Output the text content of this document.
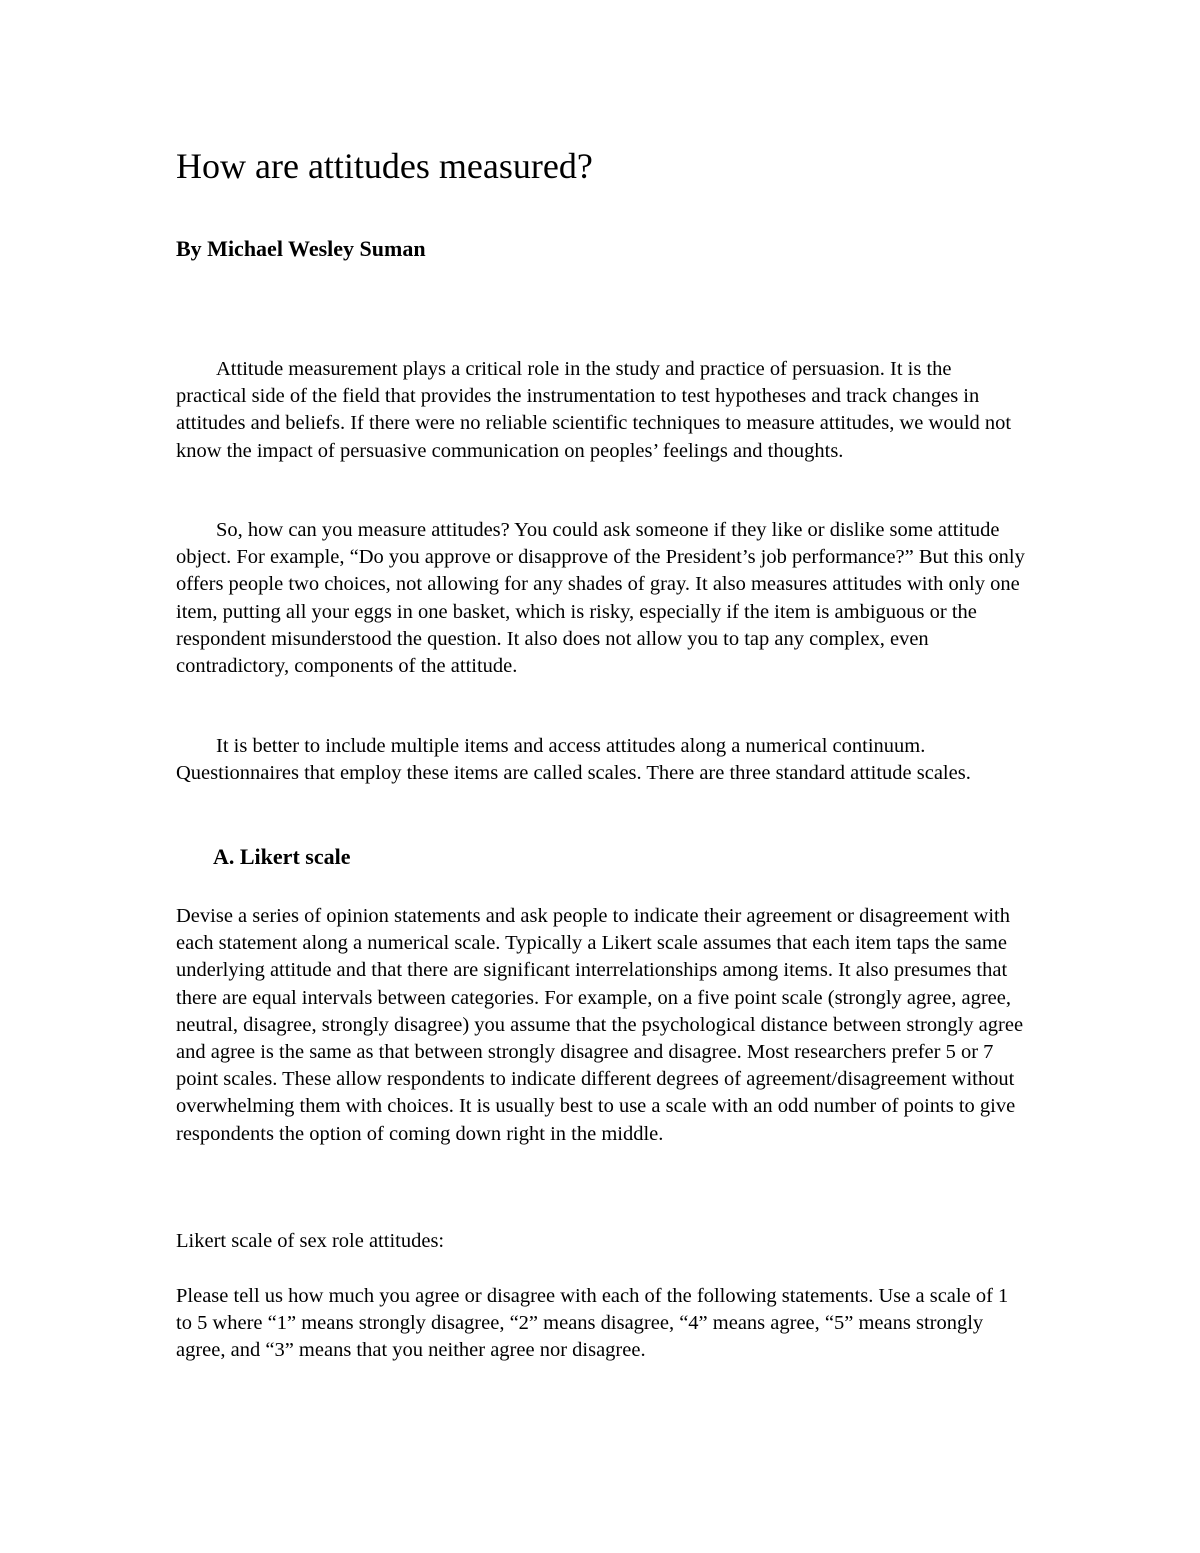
How are attitudes measured?
By Michael Wesley Suman

Attitude measurement plays a critical role in the study and practice of persuasion. It is the practical side of the field that provides the instrumentation to test hypotheses and track changes in attitudes and beliefs. If there were no reliable scientific techniques to measure attitudes, we would not know the impact of persuasive communication on peoples’ feelings and thoughts.

So, how can you measure attitudes? You could ask someone if they like or dislike some attitude object. For example, “Do you approve or disapprove of the President’s job performance?” But this only offers people two choices, not allowing for any shades of gray. It also measures attitudes with only one item, putting all your eggs in one basket, which is risky, especially if the item is ambiguous or the respondent misunderstood the question. It also does not allow you to tap any complex, even contradictory, components of the attitude.

It is better to include multiple items and access attitudes along a numerical continuum. Questionnaires that employ these items are called scales. There are three standard attitude scales.

A. Likert scale

Devise a series of opinion statements and ask people to indicate their agreement or disagreement with each statement along a numerical scale. Typically a Likert scale assumes that each item taps the same underlying attitude and that there are significant interrelationships among items. It also presumes that there are equal intervals between categories. For example, on a five point scale (strongly agree, agree, neutral, disagree, strongly disagree) you assume that the psychological distance between strongly agree and agree is the same as that between strongly disagree and disagree. Most researchers prefer 5 or 7 point scales. These allow respondents to indicate different degrees of agreement/disagreement without overwhelming them with choices. It is usually best to use a scale with an odd number of points to give respondents the option of coming down right in the middle.

Likert scale of sex role attitudes:

Please tell us how much you agree or disagree with each of the following statements. Use a scale of 1 to 5 where “1” means strongly disagree, “2” means disagree, “4” means agree, “5” means strongly agree, and “3” means that you neither agree nor disagree.
